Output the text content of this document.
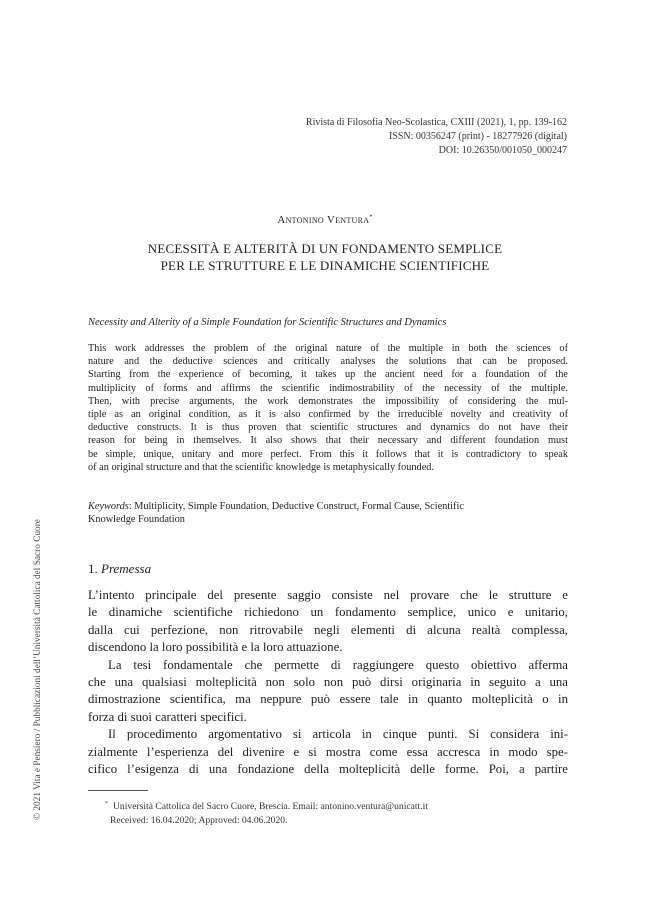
Rivista di Filosofia Neo-Scolastica, CXIII (2021), 1, pp. 139-162
ISSN: 00356247 (print) - 18277926 (digital)
DOI: 10.26350/001050_000247
Antonino Ventura*
NECESSITÀ E ALTERITÀ DI UN FONDAMENTO SEMPLICE
PER LE STRUTTURE E LE DINAMICHE SCIENTIFICHE
Necessity and Alterity of a Simple Foundation for Scientific Structures and Dynamics
This work addresses the problem of the original nature of the multiple in both the sciences of
nature and the deductive sciences and critically analyses the solutions that can be proposed.
Starting from the experience of becoming, it takes up the ancient need for a foundation of the
multiplicity of forms and affirms the scientific indimostrability of the necessity of the multiple.
Then, with precise arguments, the work demonstrates the impossibility of considering the mul-
tiple as an original condition, as it is also confirmed by the irreducible novelty and creativity of
deductive constructs. It is thus proven that scientific structures and dynamics do not have their
reason for being in themselves. It also shows that their necessary and different foundation must
be simple, unique, unitary and more perfect. From this it follows that it is contradictory to speak
of an original structure and that the scientific knowledge is metaphysically founded.
Keywords: Multiplicity, Simple Foundation, Deductive Construct, Formal Cause, Scientific
Knowledge Foundation
1. Premessa
L’intento principale del presente saggio consiste nel provare che le strutture e
le dinamiche scientifiche richiedono un fondamento semplice, unico e unitario,
dalla cui perfezione, non ritrovabile negli elementi di alcuna realtà complessa,
discendono la loro possibilità e la loro attuazione.
La tesi fondamentale che permette di raggiungere questo obiettivo afferma
che una qualsiasi molteplicità non solo non può dirsi originaria in seguito a una
dimostrazione scientifica, ma neppure può essere tale in quanto molteplicità o in
forza di suoi caratteri specifici.
Il procedimento argomentativo si articola in cinque punti. Si considera ini-
zialmente l’esperienza del divenire e si mostra come essa accresca in modo spe-
cifico l’esigenza di una fondazione della molteplicità delle forme. Poi, a partire
* Università Cattolica del Sacro Cuore, Brescia. Email: antonino.ventura@unicatt.it
Received: 16.04.2020; Approved: 04.06.2020.
© 2021 Vita e Pensiero / Pubblicazioni dell’Università Cattolica del Sacro Cuore
